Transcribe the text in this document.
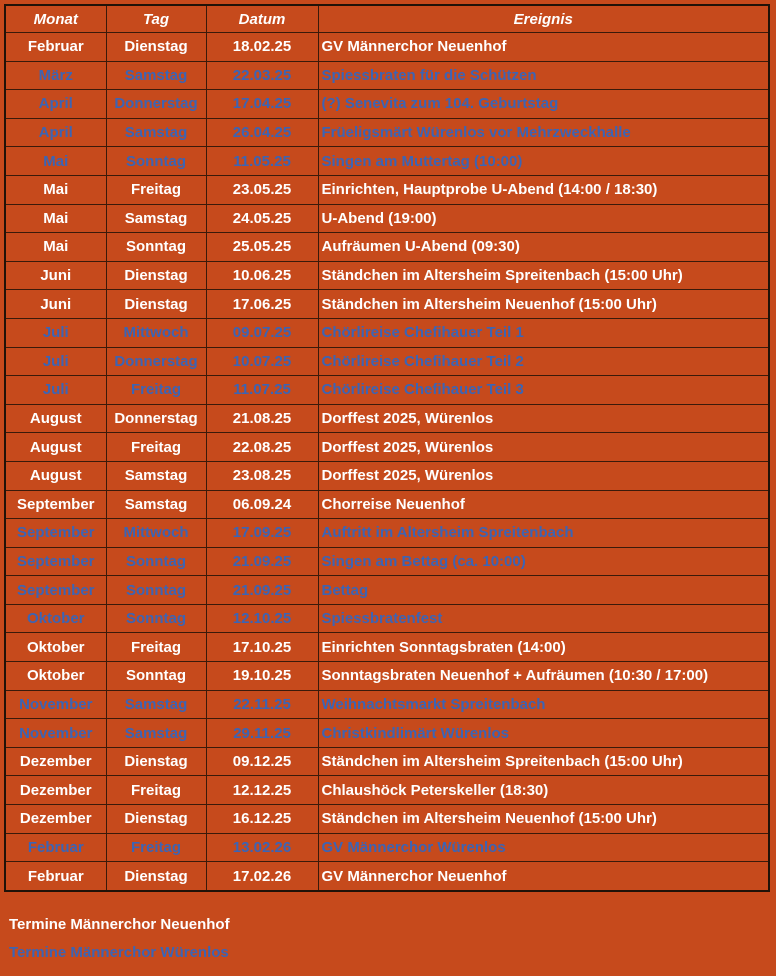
Monat	Tag	Datum	Ereignis
Februar	Dienstag	18.02.25	GV Männerchor Neuenhof
März	Samstag	22.03.25	Spiessbraten für die Schützen
April	Donnerstag	17.04.25	(?) Senevita zum 104. Geburtstag
April	Samstag	26.04.25	Früeligsmärt Würenlos vor Mehrzweckhalle
Mai	Sonntag	11.05.25	Singen am Muttertag (10:00)
Mai	Freitag	23.05.25	Einrichten, Hauptprobe U-Abend (14:00 / 18:30)
Mai	Samstag	24.05.25	U-Abend (19:00)
Mai	Sonntag	25.05.25	Aufräumen U-Abend (09:30)
Juni	Dienstag	10.06.25	Ständchen im Altersheim Spreitenbach (15:00 Uhr)
Juni	Dienstag	17.06.25	Ständchen im Altersheim Neuenhof (15:00 Uhr)
Juli	Mittwoch	09.07.25	Chörlireise Chefihauer Teil 1
Juli	Donnerstag	10.07.25	Chörlireise Chefihauer Teil 2
Juli	Freitag	11.07.25	Chörlireise Chefihauer Teil 3
August	Donnerstag	21.08.25	Dorffest 2025, Würenlos
August	Freitag	22.08.25	Dorffest 2025, Würenlos
August	Samstag	23.08.25	Dorffest 2025, Würenlos
September	Samstag	06.09.24	Chorreise Neuenhof
September	Mittwoch	17.09.25	Auftritt im Altersheim Spreitenbach
September	Sonntag	21.09.25	Singen am Bettag (ca. 10:00)
September	Sonntag	21.09.25	Bettag
Oktober	Sonntag	12.10.25	Spiessbratenfest
Oktober	Freitag	17.10.25	Einrichten Sonntagsbraten (14:00)
Oktober	Sonntag	19.10.25	Sonntagsbraten Neuenhof + Aufräumen (10:30 / 17:00)
November	Samstag	22.11.25	Weihnachtsmarkt Spreitenbach
November	Samstag	29.11.25	Christkindlimärt Würenlos
Dezember	Dienstag	09.12.25	Ständchen im Altersheim Spreitenbach (15:00 Uhr)
Dezember	Freitag	12.12.25	Chlaushöck Peterskeller (18:30)
Dezember	Dienstag	16.12.25	Ständchen im Altersheim Neuenhof (15:00 Uhr)
Februar	Freitag	13.02.26	GV Männerchor Würenlos
Februar	Dienstag	17.02.26	GV Männerchor Neuenhof
Termine Männerchor Neuenhof
Termine Männerchor Würenlos
